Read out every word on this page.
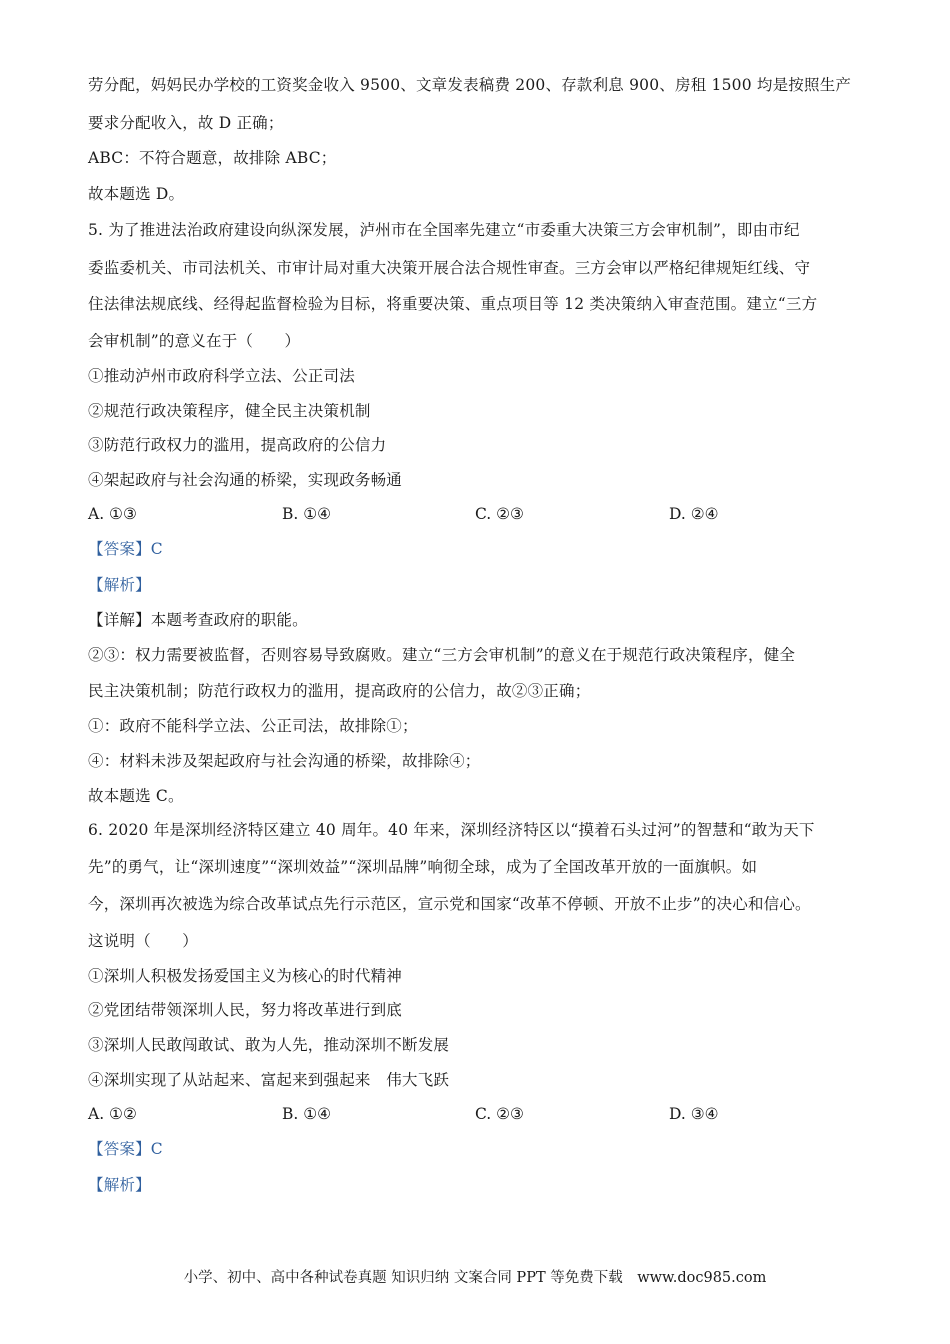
劳分配，妈妈民办学校的工资奖金收入 9500、文章发表稿费 200、存款利息 900、房租 1500 均是按照生产
要求分配收入，故 D 正确；
ABC：不符合题意，故排除 ABC；
故本题选 D。
5. 为了推进法治政府建设向纵深发展，泸州市在全国率先建立“市委重大决策三方会审机制”，即由市纪
委监委机关、市司法机关、市审计局对重大决策开展合法合规性审查。三方会审以严格纪律规矩红线、守
住法律法规底线、经得起监督检验为目标，将重要决策、重点项目等 12 类决策纳入审查范围。建立“三方
会审机制”的意义在于（　　）
①推动泸州市政府科学立法、公正司法
②规范行政决策程序，健全民主决策机制
③防范行政权力的滥用，提高政府的公信力
④架起政府与社会沟通的桥梁，实现政务畅通
A. ①③	B. ①④	C. ②③	D. ②④
【答案】C
【解析】
【详解】本题考查政府的职能。
②③：权力需要被监督，否则容易导致腐败。建立“三方会审机制”的意义在于规范行政决策程序，健全
民主决策机制；防范行政权力的滥用，提高政府的公信力，故②③正确；
①：政府不能科学立法、公正司法，故排除①；
④：材料未涉及架起政府与社会沟通的桥梁，故排除④；
故本题选 C。
6. 2020 年是深圳经济特区建立 40 周年。40 年来，深圳经济特区以“摸着石头过河”的智慧和“敢为天下
先”的勇气，让“深圳速度”“深圳效益”“深圳品牌”响彻全球，成为了全国改革开放的一面旗帜。如
今，深圳再次被选为综合改革试点先行示范区，宣示党和国家“改革不停顿、开放不止步”的决心和信心。
这说明（　　）
①深圳人积极发扬爱国主义为核心的时代精神
②党团结带领深圳人民，努力将改革进行到底
③深圳人民敢闯敢试、敢为人先，推动深圳不断发展
④深圳实现了从站起来、富起来到强起来　伟大飞跃
A. ①②	B. ①④	C. ②③	D. ③④
【答案】C
【解析】
小学、初中、高中各种试卷真题 知识归纳 文案合同 PPT 等免费下载　www.doc985.com
